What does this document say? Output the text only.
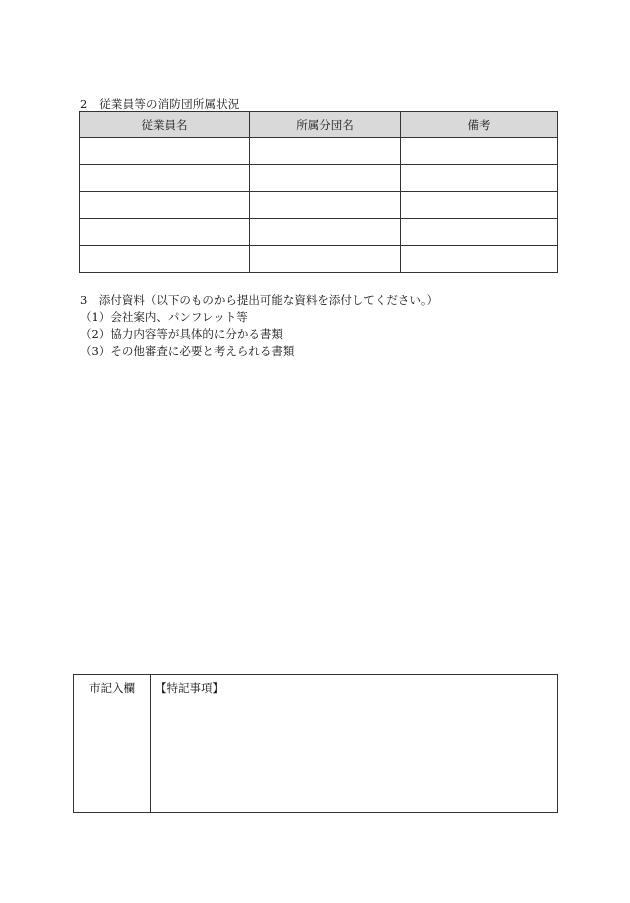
2　従業員等の消防団所属状況
従業員名	所属分団名	備考

3　添付資料（以下のものから提出可能な資料を添付してください。）
（1）会社案内、パンフレット等
（2）協力内容等が具体的に分かる書類
（3）その他審査に必要と考えられる書類
市記入欄	【特記事項】
